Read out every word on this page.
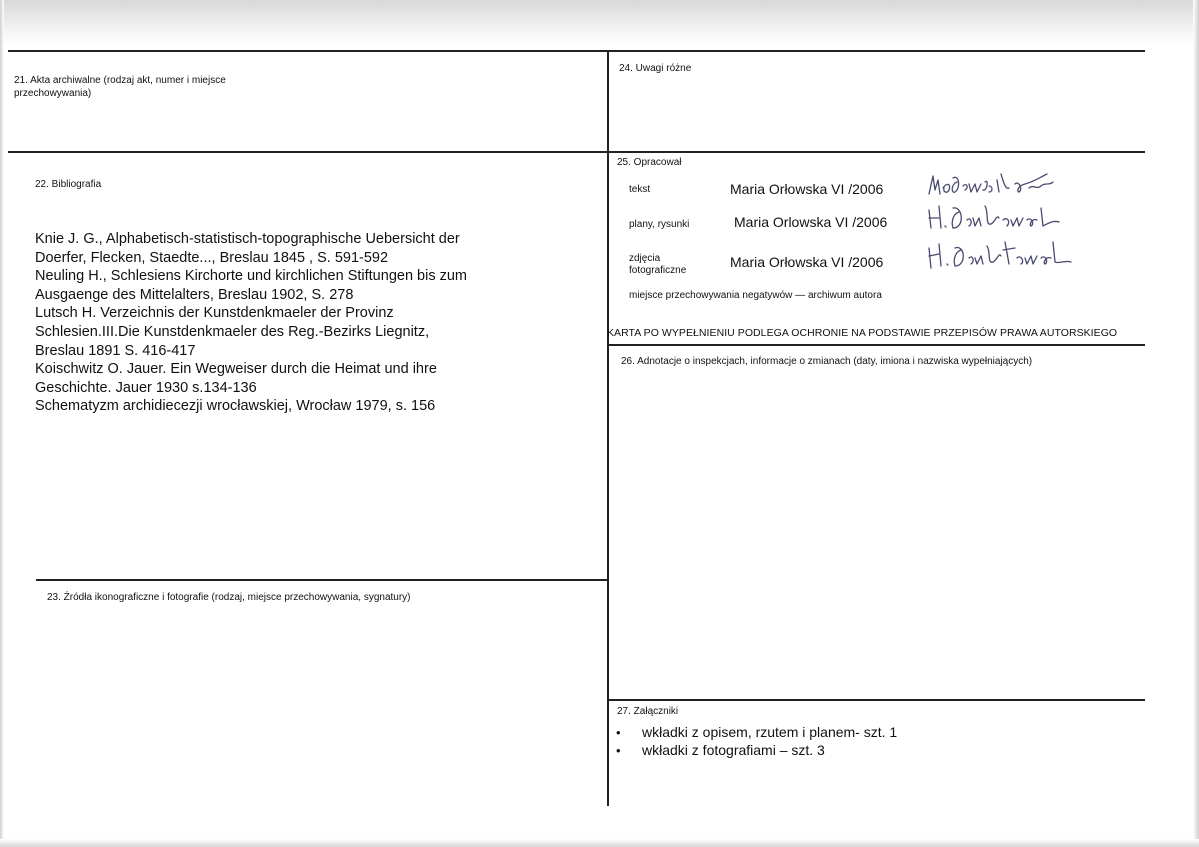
21. Akta archiwalne (rodzaj akt, numer i miejsce
przechowywania)
22. Bibliografia
Knie J. G., Alphabetisch-statistisch-topographische Uebersicht der
Doerfer, Flecken, Staedte..., Breslau 1845 , S. 591-592
Neuling H., Schlesiens Kirchorte und kirchlichen Stiftungen bis zum
Ausgaenge des Mittelalters, Breslau 1902, S. 278
Lutsch H. Verzeichnis der Kunstdenkmaeler der Provinz
Schlesien.III.Die Kunstdenkmaeler des Reg.-Bezirks Liegnitz,
Breslau 1891 S. 416-417
Koischwitz O. Jauer. Ein Wegweiser durch die Heimat und ihre
Geschichte. Jauer 1930 s.134-136
Schematyzm archidiecezji wrocławskiej, Wrocław 1979, s. 156
23. Źródła ikonograficzne i fotografie (rodzaj, miejsce przechowywania, sygnatury)
24. Uwagi różne
25. Opracował
tekst	Maria Orłowska VI /2006
plany, rysunki	Maria Orlowska VI /2006
zdjęcia
fotograficzne
Maria Orłowska VI /2006
miejsce przechowywania negatywów — archiwum autora
KARTA PO WYPEŁNIENIU PODLEGA OCHRONIE NA PODSTAWIE PRZEPISÓW PRAWA AUTORSKIEGO
26. Adnotacje o inspekcjach, informacje o zmianach (daty, imiona i nazwiska wypełniających)
27. Załączniki
• wkładki z opisem, rzutem i planem- szt. 1
• wkładki z fotografiami – szt. 3
